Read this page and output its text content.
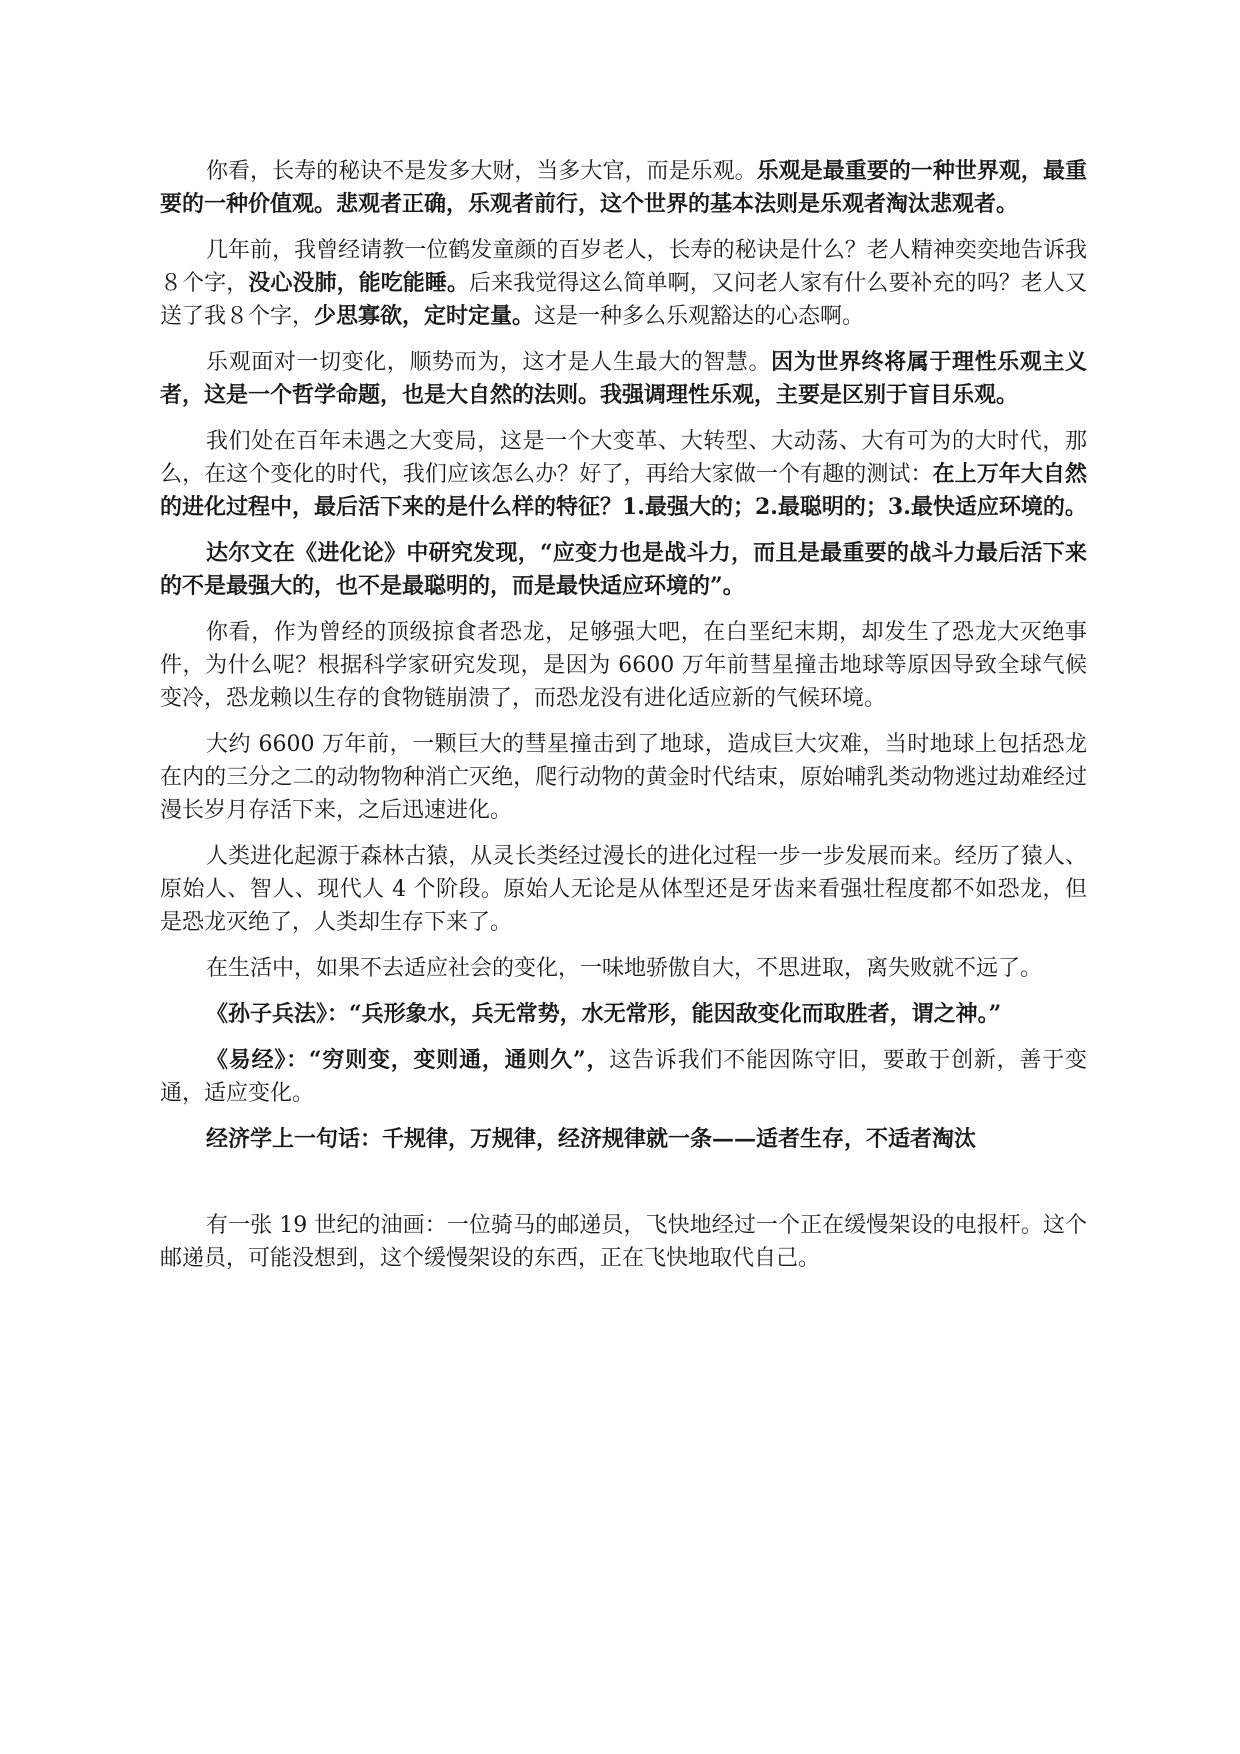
你看，长寿的秘诀不是发多大财，当多大官，而是乐观。乐观是最重要的一种世界观，最重要的一种价值观。悲观者正确，乐观者前行，这个世界的基本法则是乐观者淘汰悲观者。

几年前，我曾经请教一位鹤发童颜的百岁老人，长寿的秘诀是什么？老人精神奕奕地告诉我８个字，没心没肺，能吃能睡。后来我觉得这么简单啊，又问老人家有什么要补充的吗？老人又送了我８个字，少思寡欲，定时定量。这是一种多么乐观豁达的心态啊。

乐观面对一切变化，顺势而为，这才是人生最大的智慧。因为世界终将属于理性乐观主义者，这是一个哲学命题，也是大自然的法则。我强调理性乐观，主要是区别于盲目乐观。

我们处在百年未遇之大变局，这是一个大变革、大转型、大动荡、大有可为的大时代，那么，在这个变化的时代，我们应该怎么办？好了，再给大家做一个有趣的测试：在上万年大自然的进化过程中，最后活下来的是什么样的特征？1.最强大的；2.最聪明的；3.最快适应环境的。

达尔文在《进化论》中研究发现，“应变力也是战斗力，而且是最重要的战斗力最后活下来的不是最强大的，也不是最聪明的，而是最快适应环境的”。

你看，作为曾经的顶级掠食者恐龙，足够强大吧，在白垩纪末期，却发生了恐龙大灭绝事件，为什么呢？根据科学家研究发现，是因为 6600 万年前彗星撞击地球等原因导致全球气候变冷，恐龙赖以生存的食物链崩溃了，而恐龙没有进化适应新的气候环境。

大约 6600 万年前，一颗巨大的彗星撞击到了地球，造成巨大灾难，当时地球上包括恐龙在内的三分之二的动物物种消亡灭绝，爬行动物的黄金时代结束，原始哺乳类动物逃过劫难经过漫长岁月存活下来，之后迅速进化。

人类进化起源于森林古猿，从灵长类经过漫长的进化过程一步一步发展而来。经历了猿人、原始人、智人、现代人 4 个阶段。原始人无论是从体型还是牙齿来看强壮程度都不如恐龙，但是恐龙灭绝了，人类却生存下来了。

在生活中，如果不去适应社会的变化，一味地骄傲自大，不思进取，离失败就不远了。

《孙子兵法》：“兵形象水，兵无常势，水无常形，能因敌变化而取胜者，谓之神。”

《易经》：“穷则变，变则通，通则久”，这告诉我们不能因陈守旧，要敢于创新，善于变通，适应变化。

经济学上一句话：千规律，万规律，经济规律就一条——适者生存，不适者淘汰

有一张 19 世纪的油画：一位骑马的邮递员，飞快地经过一个正在缓慢架设的电报杆。这个邮递员，可能没想到，这个缓慢架设的东西，正在飞快地取代自己。
